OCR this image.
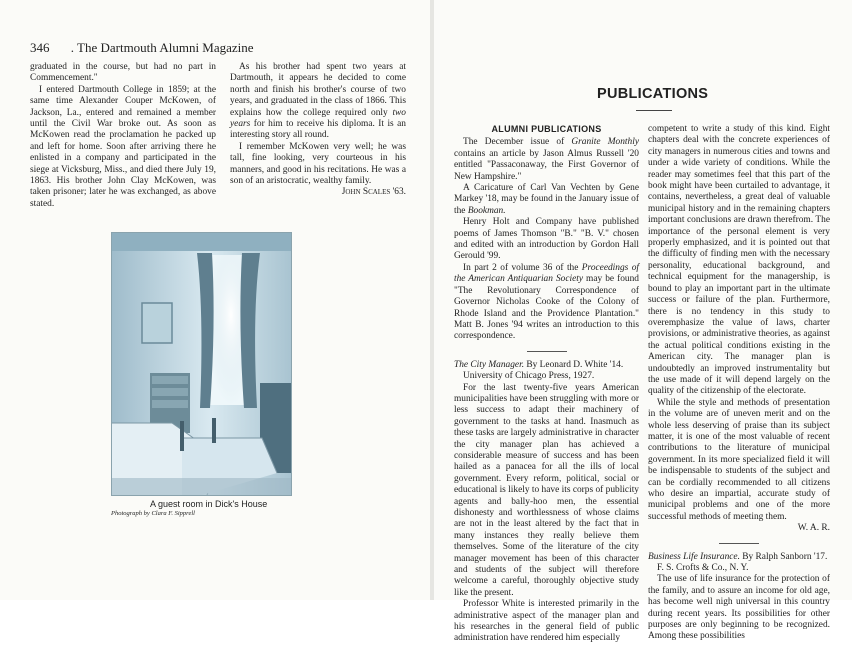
346 . The Dartmouth Alumni Magazine

graduated in the course, but had no part in Commencement."

I entered Dartmouth College in 1859; at the same time Alexander Couper McKowen, of Jackson, La., entered and remained a member until the Civil War broke out. As soon as McKowen read the proclamation he packed up and left for home. Soon after arriving there he enlisted in a company and participated in the siege at Vicksburg, Miss., and died there July 19, 1863. His brother John Clay McKowen, was taken prisoner; later he was exchanged, as above stated.

As his brother had spent two years at Dartmouth, it appears he decided to come north and finish his brother's course of two years, and graduated in the class of 1866. This explains how the college required only two years for him to receive his diploma. It is an interesting story all round.

I remember McKowen very well; he was tall, fine looking, very courteous in his manners, and good in his recitations. He was a son of an aristocratic, wealthy family.

John Scales '63.

A guest room in Dick's House
Photograph by Clara F. Sipprell
PUBLICATIONS
ALUMNI PUBLICATIONS

The December issue of Granite Monthly contains an article by Jason Almus Russell '20 entitled "Passaconaway, the First Governor of New Hampshire."

A Caricature of Carl Van Vechten by Gene Markey '18, may be found in the January issue of the Bookman.

Henry Holt and Company have published poems of James Thomson "B." "B. V." chosen and edited with an introduction by Gordon Hall Gerould '99.

In part 2 of volume 36 of the Proceedings of the American Antiquarian Society may be found "The Revolutionary Correspondence of Governor Nicholas Cooke of the Colony of Rhode Island and the Providence Plantation." Matt B. Jones '94 writes an introduction to this correspondence.

The City Manager. By Leonard D. White '14.

University of Chicago Press, 1927.

For the last twenty-five years American municipalities have been struggling with more or less success to adapt their machinery of government to the tasks at hand. Inasmuch as these tasks are largely administrative in character the city manager plan has achieved a considerable measure of success and has been hailed as a panacea for all the ills of local government. Every reform, political, social or educational is likely to have its corps of publicity agents and bally-hoo men, the essential dishonesty and worthlessness of whose claims are not in the least altered by the fact that in many instances they really believe them themselves. Some of the literature of the city manager movement has been of this character and students of the subject will therefore welcome a careful, thoroughly objective study like the present.

Professor White is interested primarily in the administrative aspect of the manager plan and his researches in the general field of public administration have rendered him especially

competent to write a study of this kind. Eight chapters deal with the concrete experiences of city managers in numerous cities and towns and under a wide variety of conditions. While the reader may sometimes feel that this part of the book might have been curtailed to advantage, it contains, nevertheless, a great deal of valuable municipal history and in the remaining chapters important conclusions are drawn therefrom. The importance of the personal element is very properly emphasized, and it is pointed out that the difficulty of finding men with the necessary personality, educational background, and technical equipment for the managership, is bound to play an important part in the ultimate success or failure of the plan. Furthermore, there is no tendency in this study to overemphasize the value of laws, charter provisions, or administrative theories, as against the actual political conditions existing in the American city. The manager plan is undoubtedly an improved instrumentality but the use made of it will depend largely on the quality of the citizenship of the electorate.

While the style and methods of presentation in the volume are of uneven merit and on the whole less deserving of praise than its subject matter, it is one of the most valuable of recent contributions to the literature of municipal government. In its more specialized field it will be indispensable to students of the subject and can be cordially recommended to all citizens who desire an impartial, accurate study of municipal problems and one of the more successful methods of meeting them.

W. A. R.

Business Life Insurance. By Ralph Sanborn '17.

F. S. Crofts & Co., N. Y.

The use of life insurance for the protection of the family, and to assure an income for old age, has become well nigh universal in this country during recent years. Its possibilities for other purposes are only beginning to be recognized. Among these possibilities
